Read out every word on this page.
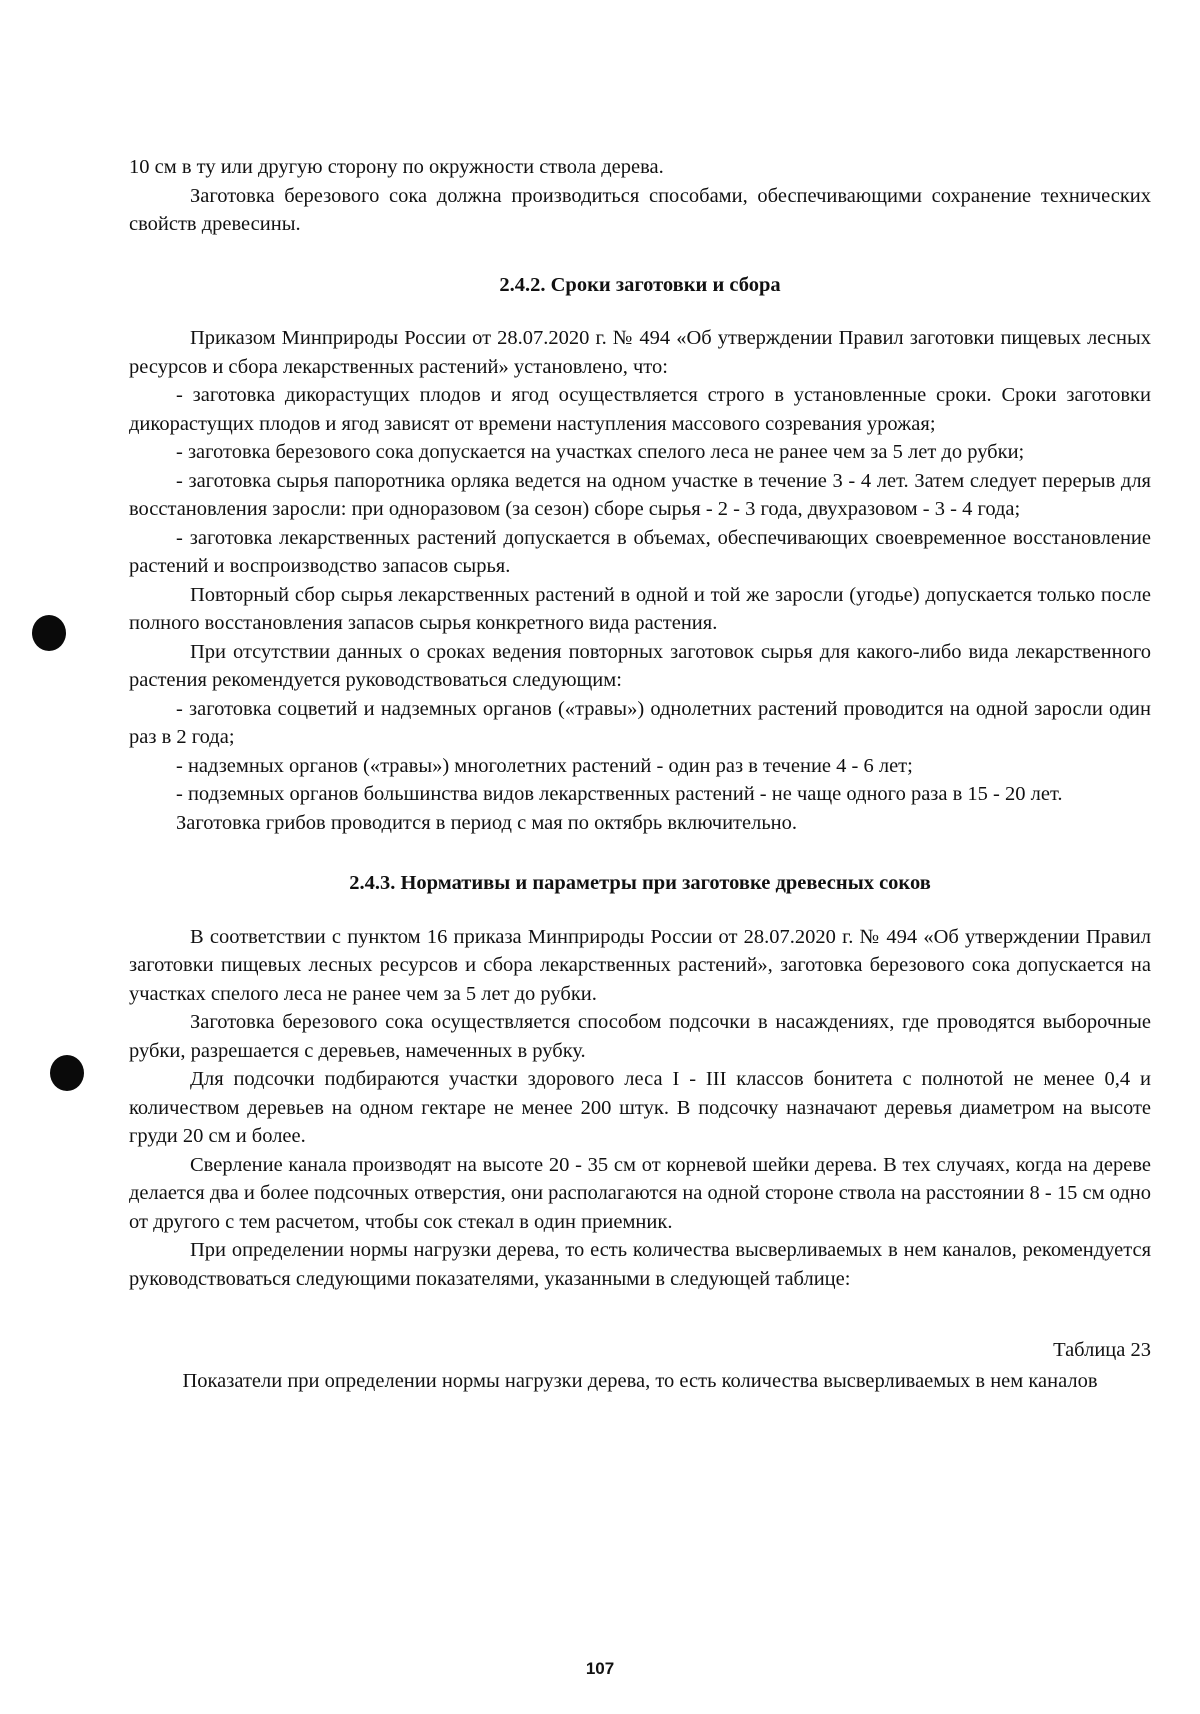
10 см в ту или другую сторону по окружности ствола дерева.

Заготовка березового сока должна производиться способами, обеспечивающими сохранение технических свойств древесины.

2.4.2. Сроки заготовки и сбора

Приказом Минприроды России от 28.07.2020 г. № 494 «Об утверждении Правил заготовки пищевых лесных ресурсов и сбора лекарственных растений» установлено, что:

- заготовка дикорастущих плодов и ягод осуществляется строго в установленные сроки. Сроки заготовки дикорастущих плодов и ягод зависят от времени наступления массового созревания урожая;

- заготовка березового сока допускается на участках спелого леса не ранее чем за 5 лет до рубки;

- заготовка сырья папоротника орляка ведется на одном участке в течение 3 - 4 лет. Затем следует перерыв для восстановления заросли: при одноразовом (за сезон) сборе сырья - 2 - 3 года, двухразовом - 3 - 4 года;

- заготовка лекарственных растений допускается в объемах, обеспечивающих своевременное восстановление растений и воспроизводство запасов сырья.

Повторный сбор сырья лекарственных растений в одной и той же заросли (угодье) допускается только после полного восстановления запасов сырья конкретного вида растения.

При отсутствии данных о сроках ведения повторных заготовок сырья для какого-либо вида лекарственного растения рекомендуется руководствоваться следующим:

- заготовка соцветий и надземных органов («травы») однолетних растений проводится на одной заросли один раз в 2 года;

- надземных органов («травы») многолетних растений - один раз в течение 4 - 6 лет;

- подземных органов большинства видов лекарственных растений - не чаще одного раза в 15 - 20 лет.

Заготовка грибов проводится в период с мая по октябрь включительно.

2.4.3. Нормативы и параметры при заготовке древесных соков

В соответствии с пунктом 16 приказа Минприроды России от 28.07.2020 г. № 494 «Об утверждении Правил заготовки пищевых лесных ресурсов и сбора лекарственных растений», заготовка березового сока допускается на участках спелого леса не ранее чем за 5 лет до рубки.

Заготовка березового сока осуществляется способом подсочки в насаждениях, где проводятся выборочные рубки, разрешается с деревьев, намеченных в рубку.

Для подсочки подбираются участки здорового леса I - III классов бонитета с полнотой не менее 0,4 и количеством деревьев на одном гектаре не менее 200 штук. В подсочку назначают деревья диаметром на высоте груди 20 см и более.

Сверление канала производят на высоте 20 - 35 см от корневой шейки дерева. В тех случаях, когда на дереве делается два и более подсочных отверстия, они располагаются на одной стороне ствола на расстоянии 8 - 15 см одно от другого с тем расчетом, чтобы сок стекал в один приемник.

При определении нормы нагрузки дерева, то есть количества высверливаемых в нем каналов, рекомендуется руководствоваться следующими показателями, указанными в следующей таблице:

Таблица 23

Показатели при определении нормы нагрузки дерева, то есть количества высверливаемых в нем каналов

107
